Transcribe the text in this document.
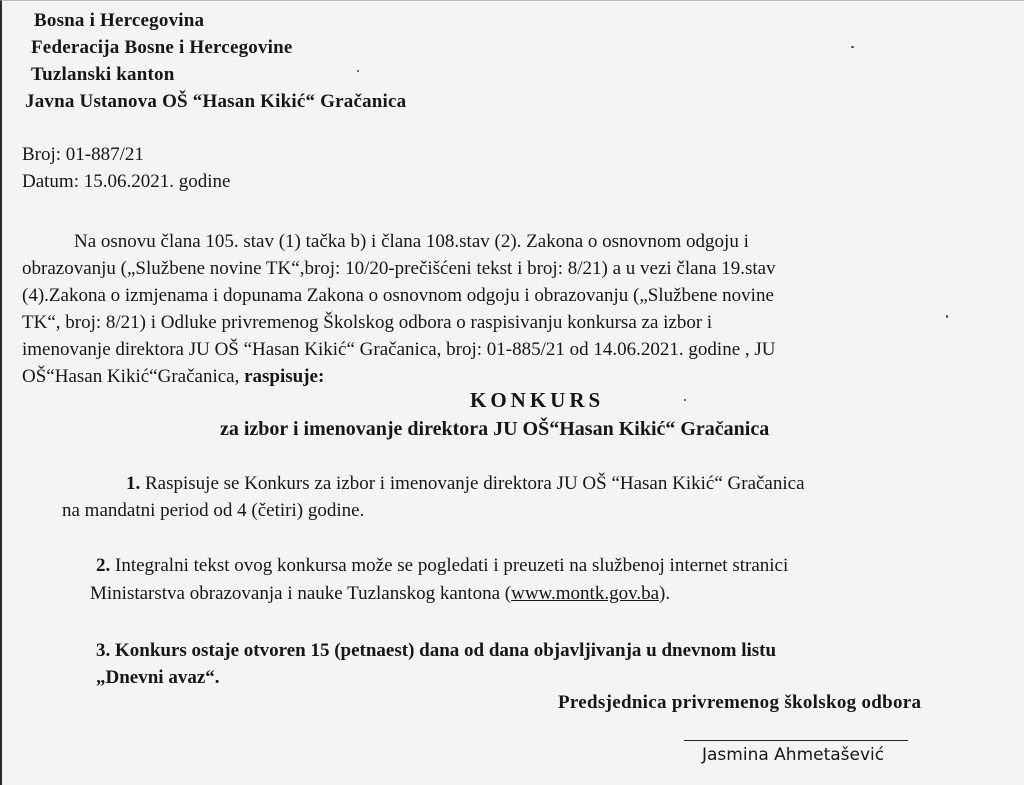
Bosna i Hercegovina
Federacija Bosne i Hercegovine
Tuzlanski kanton
Javna Ustanova OŠ “Hasan Kikić“ Gračanica
Broj: 01-887/21
Datum: 15.06.2021. godine
Na osnovu člana 105. stav (1) tačka b) i člana 108.stav (2). Zakona o osnovnom odgoju i
obrazovanju („Službene novine TK“,broj: 10/20-prečišćeni tekst i broj: 8/21) a u vezi člana 19.stav
(4).Zakona o izmjenama i dopunama Zakona o osnovnom odgoju i obrazovanju („Službene novine
TK“, broj: 8/21) i Odluke privremenog Školskog odbora o raspisivanju konkursa za izbor i
imenovanje direktora JU OŠ “Hasan Kikić“ Gračanica, broj: 01-885/21 od 14.06.2021. godine , JU
OŠ“Hasan Kikić“Gračanica, raspisuje:
KONKURS
za izbor i imenovanje direktora JU OŠ“Hasan Kikić“ Gračanica
1. Raspisuje se Konkurs za izbor i imenovanje direktora JU OŠ “Hasan Kikić“ Gračanica
na mandatni period od 4 (četiri) godine.
2. Integralni tekst ovog konkursa može se pogledati i preuzeti na službenoj internet stranici
Ministarstva obrazovanja i nauke Tuzlanskog kantona (www.montk.gov.ba).
3. Konkurs ostaje otvoren 15 (petnaest) dana od dana objavljivanja u dnevnom listu
„Dnevni avaz“.
Predsjednica privremenog školskog odbora
Jasmina Ahmetašević
